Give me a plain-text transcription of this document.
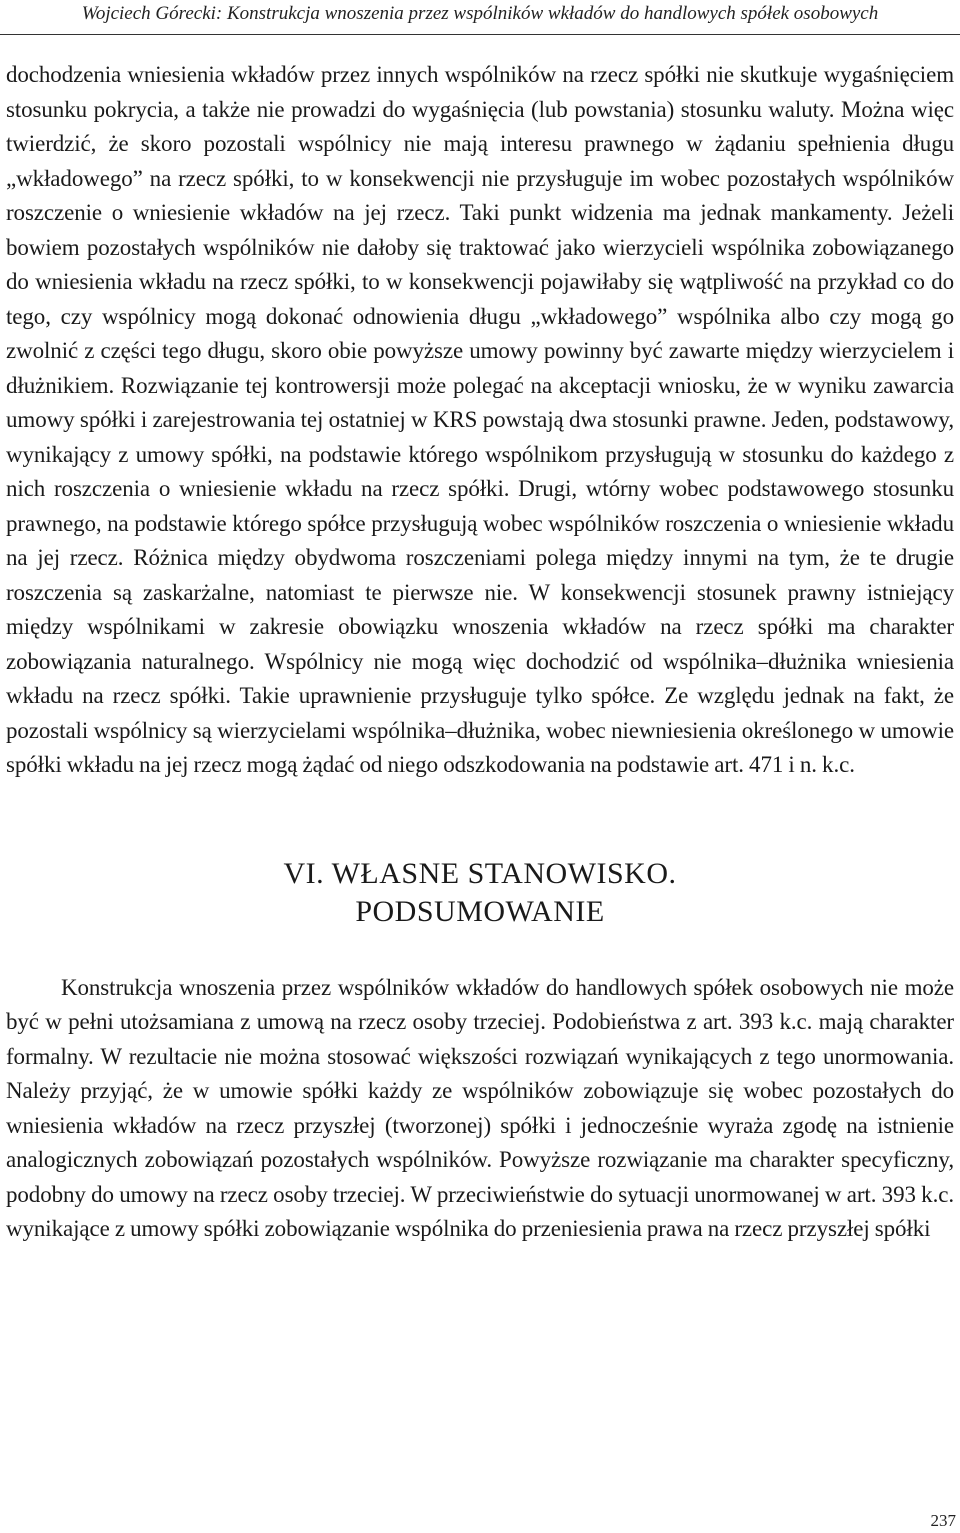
Wojciech Górecki: Konstrukcja wnoszenia przez wspólników wkładów do handlowych spółek osobowych

dochodzenia wniesienia wkładów przez innych wspólników na rzecz spółki nie skutkuje wygaśnięciem stosunku pokrycia, a także nie prowadzi do wygaśnięcia (lub powstania) stosunku waluty. Można więc twierdzić, że skoro pozostali wspólnicy nie mają interesu prawnego w żądaniu spełnienia długu „wkładowego” na rzecz spółki, to w konsekwencji nie przysługuje im wobec pozostałych wspólników roszczenie o wniesienie wkładów na jej rzecz. Taki punkt widzenia ma jednak mankamenty. Jeżeli bowiem pozostałych wspólników nie dałoby się traktować jako wierzycieli wspólnika zobowiązanego do wniesienia wkładu na rzecz spółki, to w konsekwencji pojawiłaby się wątpliwość na przykład co do tego, czy wspólnicy mogą dokonać odnowienia długu „wkładowego” wspólnika albo czy mogą go zwolnić z części tego długu, skoro obie powyższe umowy powinny być zawarte między wierzycielem i dłużnikiem. Rozwiązanie tej kontrowersji może polegać na akceptacji wniosku, że w wyniku zawarcia umowy spółki i zarejestrowania tej ostatniej w KRS powstają dwa stosunki prawne. Jeden, podstawowy, wynikający z umowy spółki, na podstawie którego wspólnikom przysługują w stosunku do każdego z nich roszczenia o wniesienie wkładu na rzecz spółki. Drugi, wtórny wobec podstawowego stosunku prawnego, na podstawie którego spółce przysługują wobec wspólników roszczenia o wniesienie wkładu na jej rzecz. Różnica między obydwoma roszczeniami polega między innymi na tym, że te drugie roszczenia są zaskarżalne, natomiast te pierwsze nie. W konsekwencji stosunek prawny istniejący między wspólnikami w zakresie obowiązku wnoszenia wkładów na rzecz spółki ma charakter zobowiązania naturalnego. Wspólnicy nie mogą więc dochodzić od wspólnika–dłużnika wniesienia wkładu na rzecz spółki. Takie uprawnienie przysługuje tylko spółce. Ze względu jednak na fakt, że pozostali wspólnicy są wierzycielami wspólnika–dłużnika, wobec niewniesienia określonego w umowie spółki wkładu na jej rzecz mogą żądać od niego odszkodowania na podstawie art. 471 i n. k.c.

VI. WŁASNE STANOWISKO.
PODSUMOWANIE

Konstrukcja wnoszenia przez wspólników wkładów do handlowych spółek osobowych nie może być w pełni utożsamiana z umową na rzecz osoby trzeciej. Podobieństwa z art. 393 k.c. mają charakter formalny. W rezultacie nie można stosować większości rozwiązań wynikających z tego unormowania. Należy przyjąć, że w umowie spółki każdy ze wspólników zobowiązuje się wobec pozostałych do wniesienia wkładów na rzecz przyszłej (tworzonej) spółki i jednocześnie wyraża zgodę na istnienie analogicznych zobowiązań pozostałych wspólników. Powyższe rozwiązanie ma charakter specyficzny, podobny do umowy na rzecz osoby trzeciej. W przeciwieństwie do sytuacji unormowanej w art. 393 k.c. wynikające z umowy spółki zobowiązanie wspólnika do przeniesienia prawa na rzecz przyszłej spółki

237
